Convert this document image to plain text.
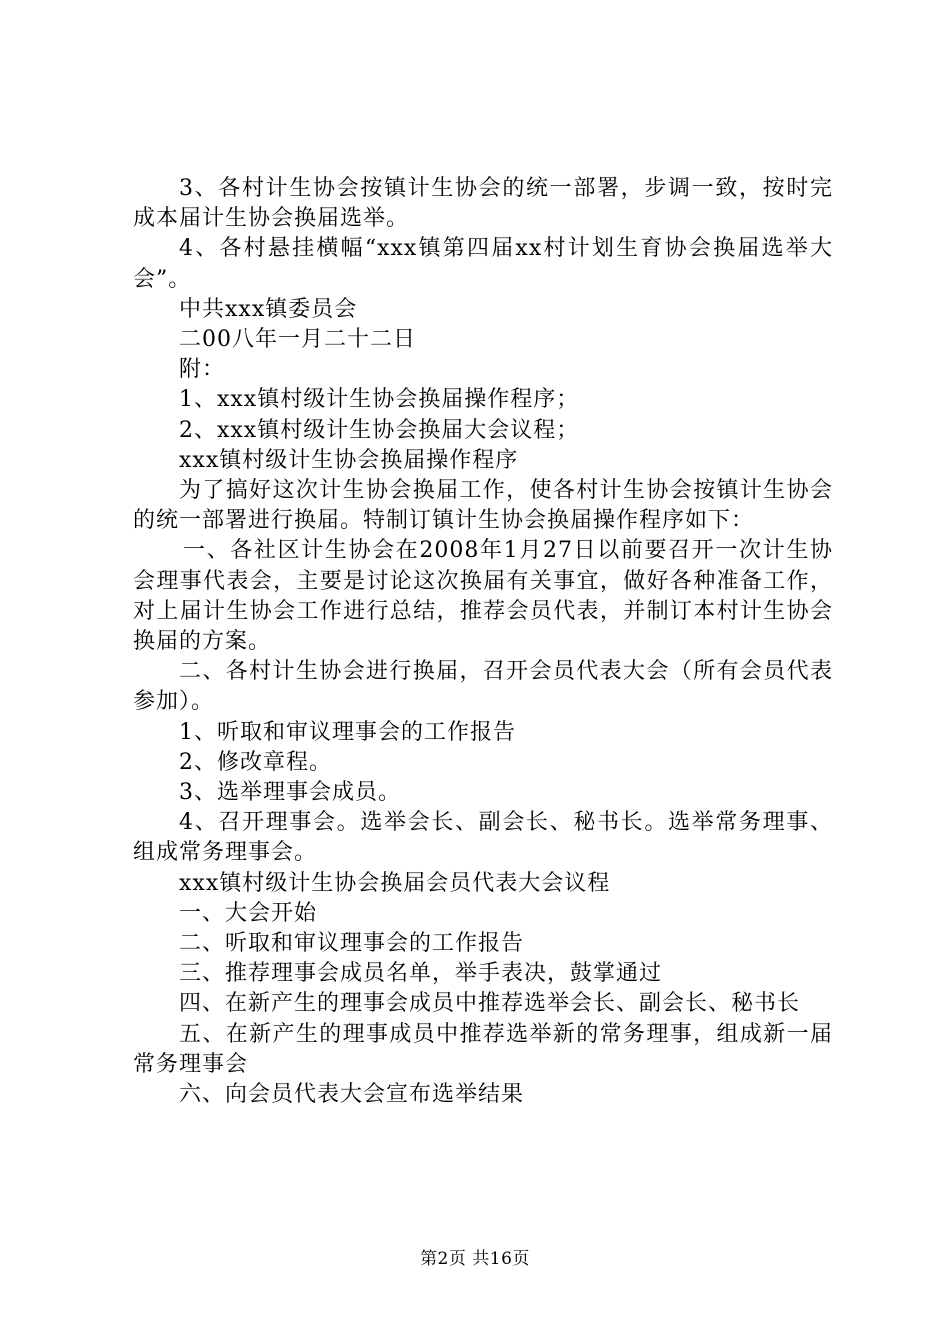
3、各村计生协会按镇计生协会的统一部署，步调一致，按时完成本届计生协会换届选举。

4、各村悬挂横幅“xxx镇第四届xx村计划生育协会换届选举大会”。

中共xxx镇委员会

二00八年一月二十二日

附：

1、xxx镇村级计生协会换届操作程序；

2、xxx镇村级计生协会换届大会议程；

xxx镇村级计生协会换届操作程序

为了搞好这次计生协会换届工作，使各村计生协会按镇计生协会的统一部署进行换届。特制订镇计生协会换届操作程序如下：

一、各社区计生协会在2008年1月27日以前要召开一次计生协会理事代表会，主要是讨论这次换届有关事宜，做好各种准备工作，对上届计生协会工作进行总结，推荐会员代表，并制订本村计生协会换届的方案。

二、各村计生协会进行换届，召开会员代表大会（所有会员代表参加）。

1、听取和审议理事会的工作报告

2、修改章程。

3、选举理事会成员。

4、召开理事会。选举会长、副会长、秘书长。选举常务理事、组成常务理事会。

xxx镇村级计生协会换届会员代表大会议程

一、大会开始

二、听取和审议理事会的工作报告

三、推荐理事会成员名单，举手表决，鼓掌通过

四、在新产生的理事会成员中推荐选举会长、副会长、秘书长

五、在新产生的理事成员中推荐选举新的常务理事，组成新一届常务理事会

六、向会员代表大会宣布选举结果

第2页 共16页
